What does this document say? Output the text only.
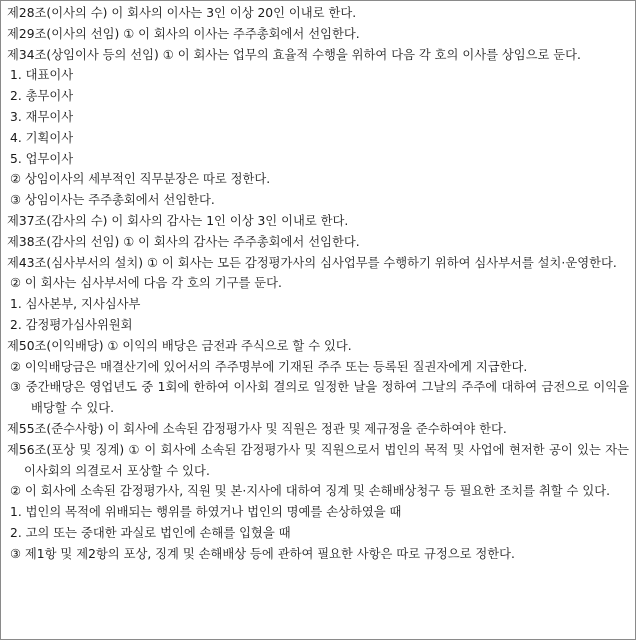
제28조(이사의 수) 이 회사의 이사는 3인 이상 20인 이내로 한다.

제29조(이사의 선임) ① 이 회사의 이사는 주주총회에서 선임한다.

제34조(상임이사 등의 선임) ① 이 회사는 업무의 효율적 수행을 위하여 다음 각 호의 이사를 상임으로 둔다.

1. 대표이사

2. 총무이사

3. 재무이사

4. 기획이사

5. 업무이사

② 상임이사의 세부적인 직무분장은 따로 정한다.

③ 상임이사는 주주총회에서 선임한다.

제37조(감사의 수) 이 회사의 감사는 1인 이상 3인 이내로 한다.

제38조(감사의 선임) ① 이 회사의 감사는 주주총회에서 선임한다.

제43조(심사부서의 설치) ① 이 회사는 모든 감정평가사의 심사업무를 수행하기 위하여 심사부서를 설치·운영한다.

② 이 회사는 심사부서에 다음 각 호의 기구를 둔다.

1. 심사본부, 지사심사부

2. 감정평가심사위원회

제50조(이익배당) ① 이익의 배당은 금전과 주식으로 할 수 있다.

② 이익배당금은 매결산기에 있어서의 주주명부에 기재된 주주 또는 등록된 질권자에게 지급한다.

③ 중간배당은 영업년도 중 1회에 한하여 이사회 결의로 일정한 날을 정하여 그날의 주주에 대하여 금전으로 이익을 배당할 수 있다.

제55조(준수사항) 이 회사에 소속된 감정평가사 및 직원은 정관 및 제규정을 준수하여야 한다.

제56조(포상 및 징계) ① 이 회사에 소속된 감정평가사 및 직원으로서 법인의 목적 및 사업에 현저한 공이 있는 자는 이사회의 의결로서 포상할 수 있다.

② 이 회사에 소속된 감정평가사, 직원 및 본·지사에 대하여 징계 및 손해배상청구 등 필요한 조치를 취할 수 있다.

1. 법인의 목적에 위배되는 행위를 하였거나 법인의 명예를 손상하였을 때

2. 고의 또는 중대한 과실로 법인에 손해를 입혔을 때

③ 제1항 및 제2항의 포상, 징계 및 손해배상 등에 관하여 필요한 사항은 따로 규정으로 정한다.
